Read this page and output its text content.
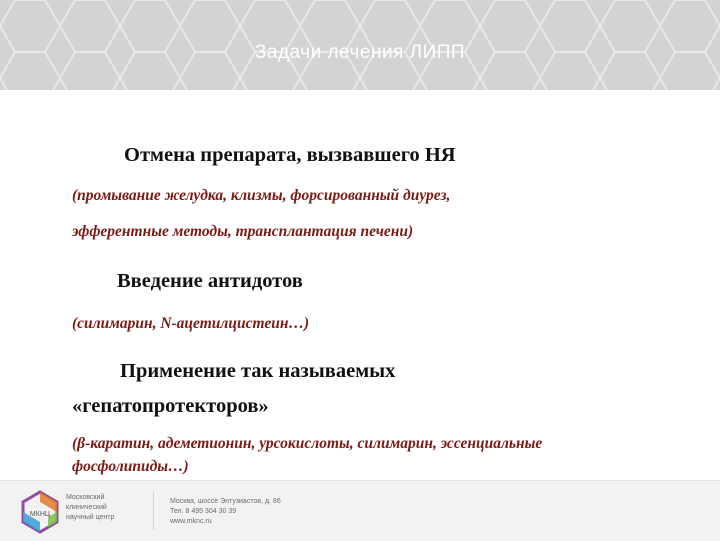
Задачи лечения ЛИПП
Отмена препарата, вызвавшего НЯ
(промывание желудка, клизмы, форсированный диурез,
эфферентные методы, трансплантация печени)
Введение антидотов
(силимарин, N-ацетилцистеин…)
Применение так называемых
«гепатопротекторов»
(β-каратин, адеметионин, урсокислоты, силимарин, эссенциальные
фосфолипиды…)
МКНЦ
Московский
клинический
научный центр
Москва, шоссе Энтузиастов, д. 86
Тел. 8 495 304 30 39
www.mknc.ru
